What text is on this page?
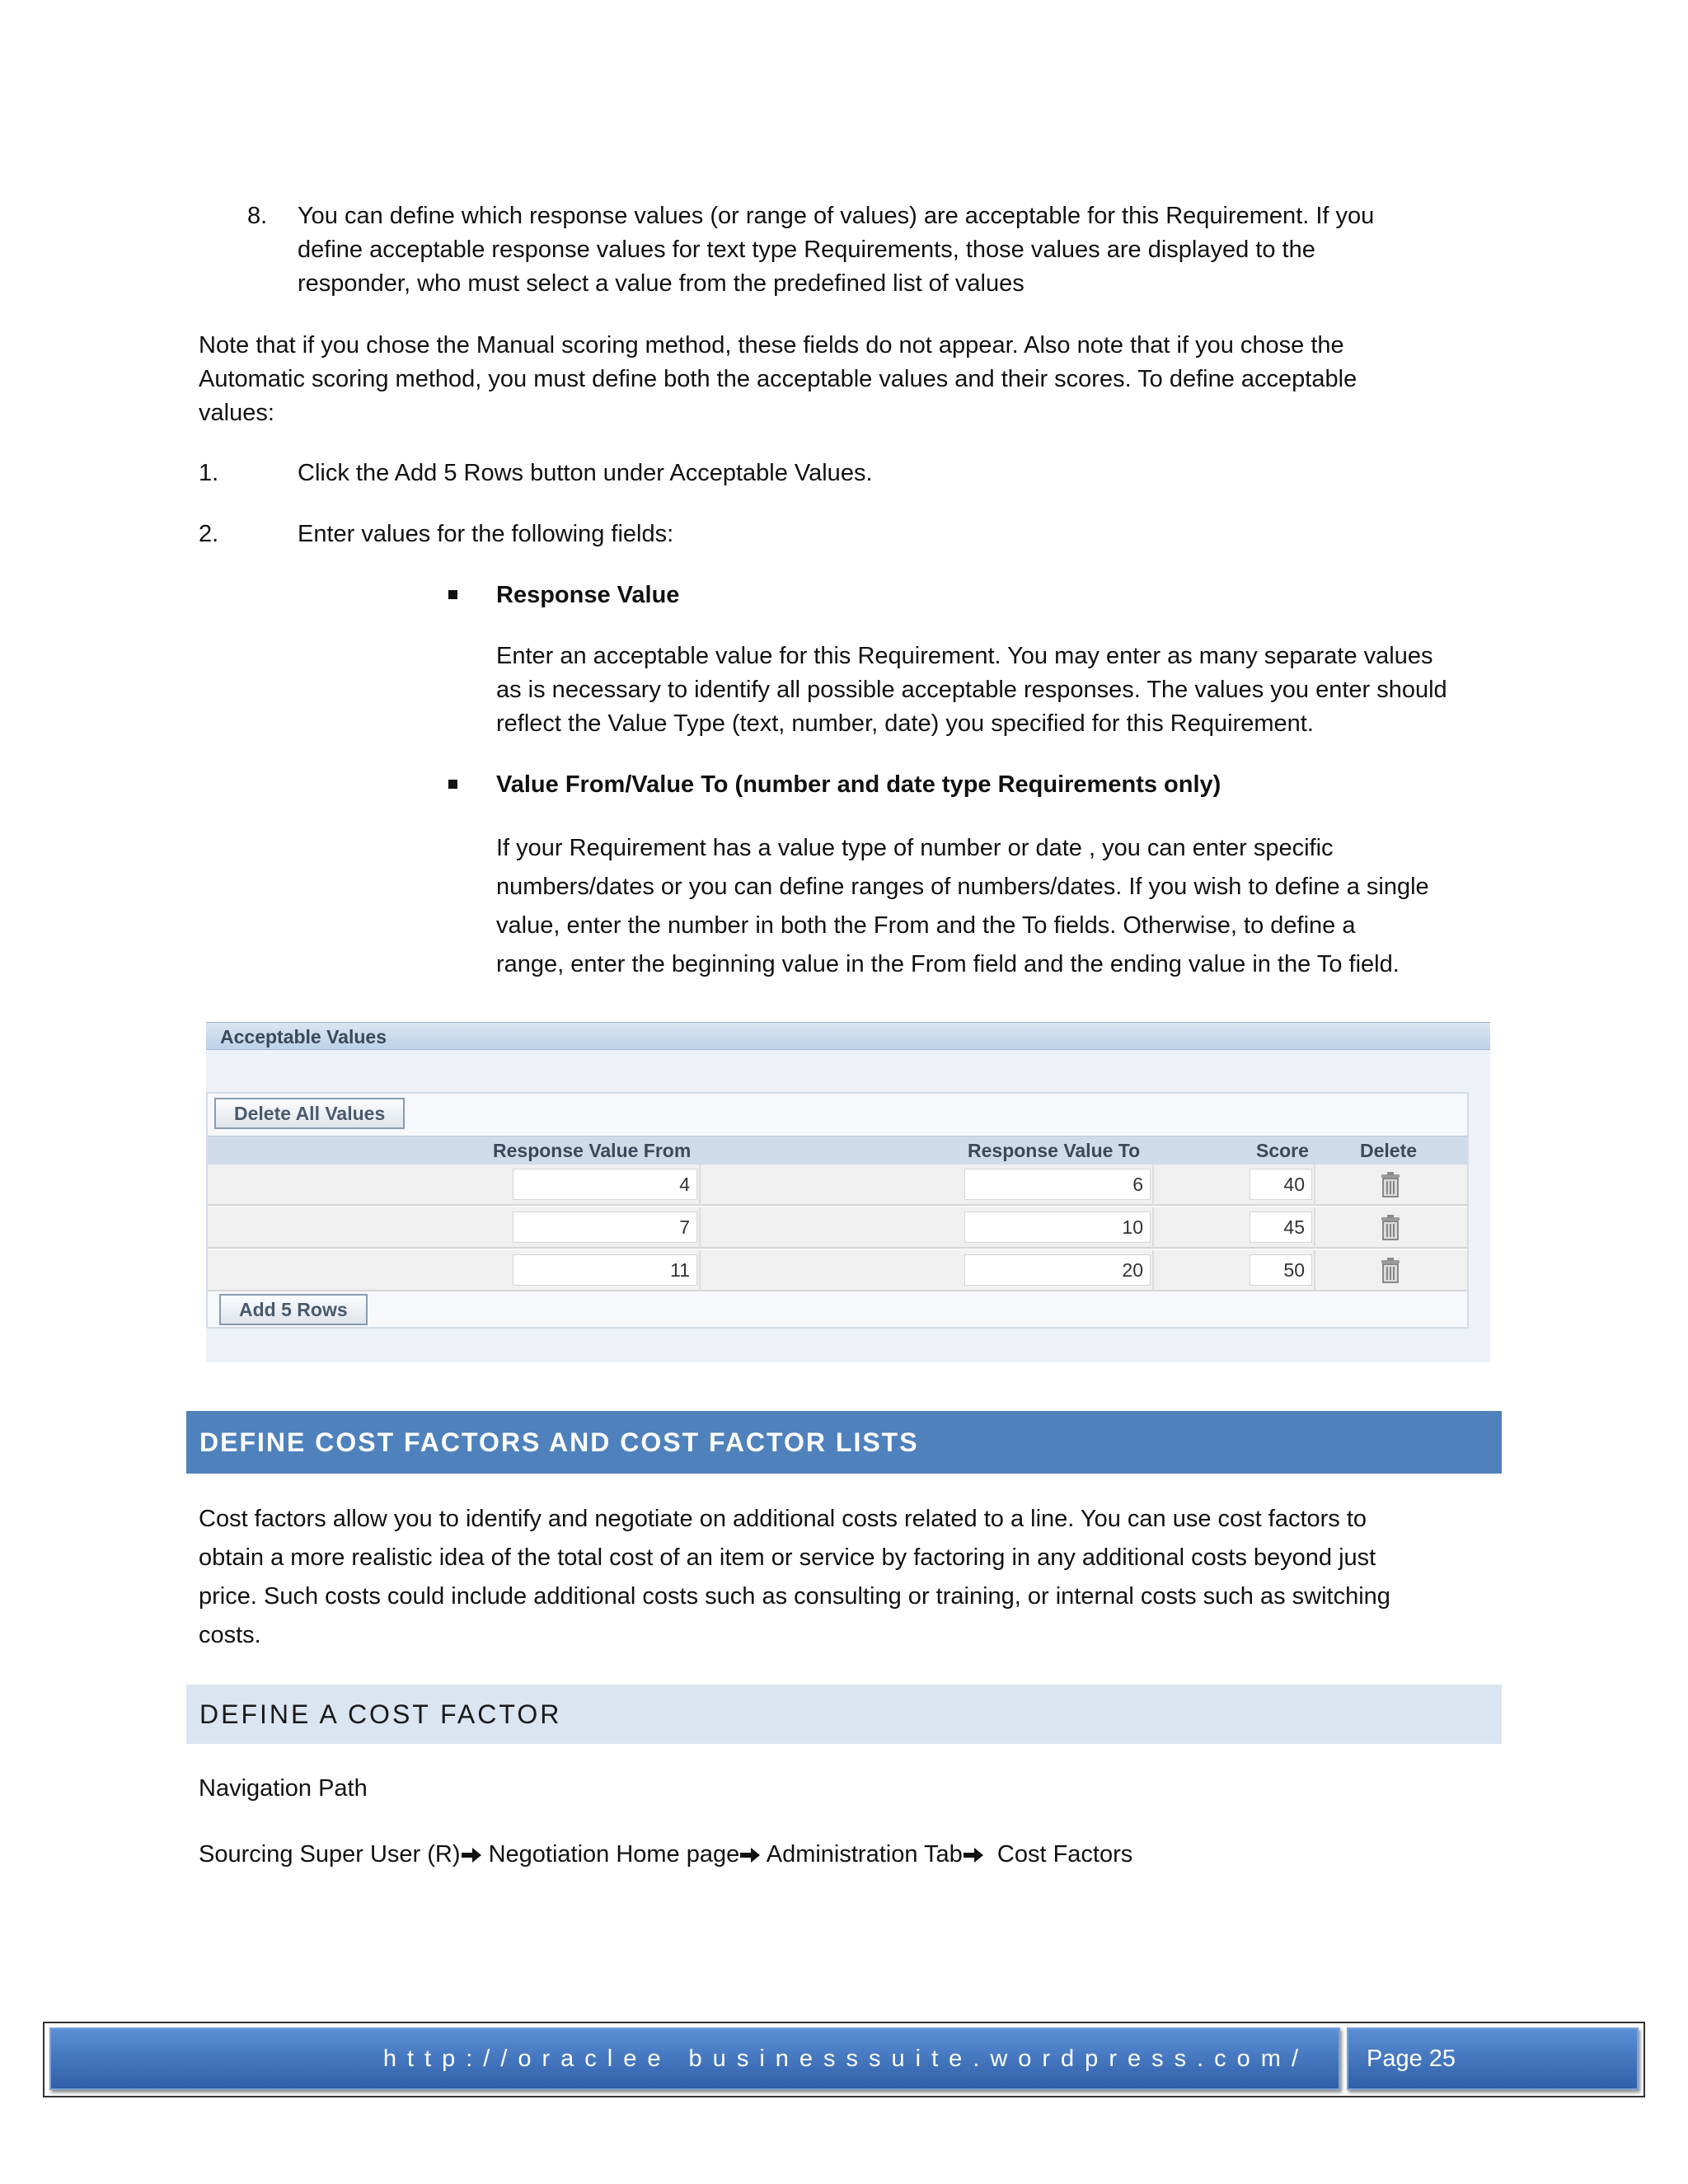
8. You can define which response values (or range of values) are acceptable for this Requirement. If you
define acceptable response values for text type Requirements, those values are displayed to the
responder, who must select a value from the predefined list of values
Note that if you chose the Manual scoring method, these fields do not appear. Also note that if you chose the
Automatic scoring method, you must define both the acceptable values and their scores. To define acceptable
values:
1.	Click the Add 5 Rows button under Acceptable Values.
2.	Enter values for the following fields:
Response Value
Enter an acceptable value for this Requirement. You may enter as many separate values
as is necessary to identify all possible acceptable responses. The values you enter should
reflect the Value Type (text, number, date) you specified for this Requirement.
Value From/Value To (number and date type Requirements only)
If your Requirement has a value type of number or date , you can enter specific
numbers/dates or you can define ranges of numbers/dates. If you wish to define a single
value, enter the number in both the From and the To fields. Otherwise, to define a
range, enter the beginning value in the From field and the ending value in the To field.
Acceptable Values
Delete All Values
Response Value From	Response Value To	Score	Delete
4	6	40
7	10	45
11	20	50
Add 5 Rows
DEFINE COST FACTORS AND COST FACTOR LISTS
Cost factors allow you to identify and negotiate on additional costs related to a line. You can use cost factors to
obtain a more realistic idea of the total cost of an item or service by factoring in any additional costs beyond just
price. Such costs could include additional costs such as consulting or training, or internal costs such as switching
costs.
DEFINE A COST FACTOR
Navigation Path
Sourcing Super User (R) Negotiation Home page Administration Tab Cost Factors
http://oraclee businesssuite.wordpress.com/	Page 25
